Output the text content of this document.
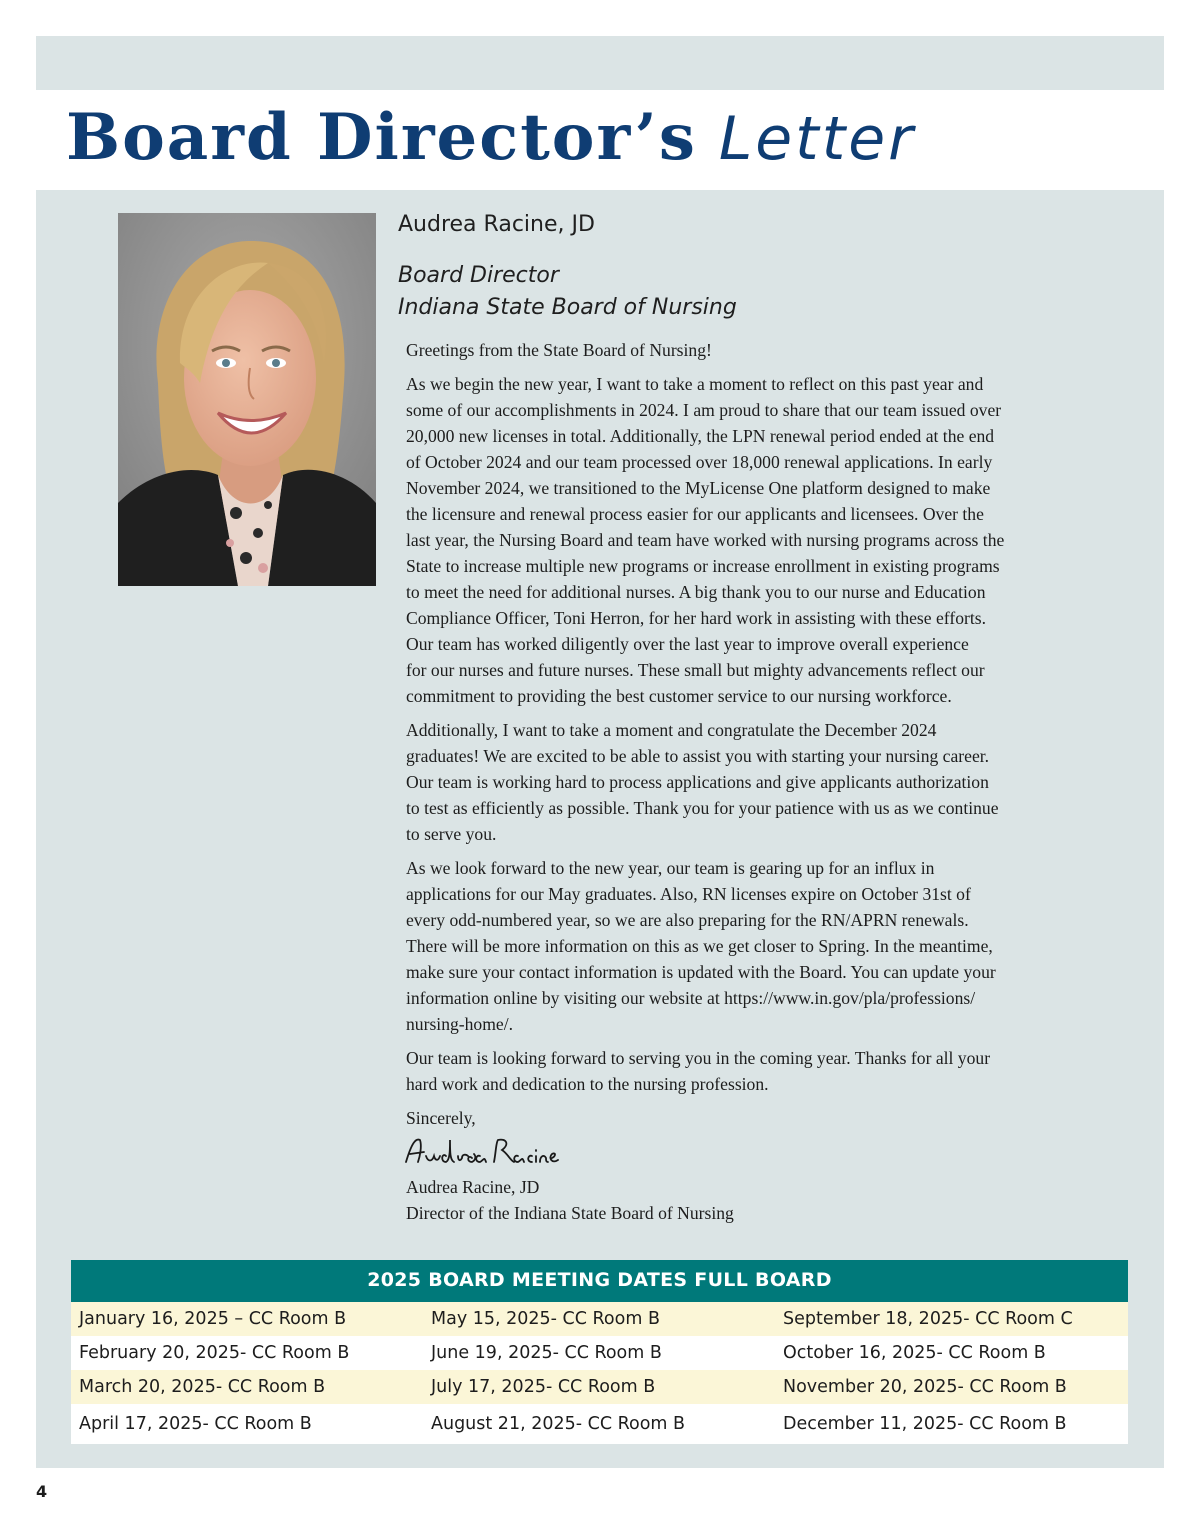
Board Director’s Letter
Audrea Racine, JD
Board Director
Indiana State Board of Nursing

Greetings from the State Board of Nursing!

As we begin the new year, I want to take a moment to reflect on this past year and
some of our accomplishments in 2024. I am proud to share that our team issued over
20,000 new licenses in total. Additionally, the LPN renewal period ended at the end
of October 2024 and our team processed over 18,000 renewal applications. In early
November 2024, we transitioned to the MyLicense One platform designed to make
the licensure and renewal process easier for our applicants and licensees. Over the
last year, the Nursing Board and team have worked with nursing programs across the
State to increase multiple new programs or increase enrollment in existing programs
to meet the need for additional nurses. A big thank you to our nurse and Education
Compliance Officer, Toni Herron, for her hard work in assisting with these efforts.
Our team has worked diligently over the last year to improve overall experience
for our nurses and future nurses. These small but mighty advancements reflect our
commitment to providing the best customer service to our nursing workforce.

Additionally, I want to take a moment and congratulate the December 2024
graduates! We are excited to be able to assist you with starting your nursing career.
Our team is working hard to process applications and give applicants authorization
to test as efficiently as possible. Thank you for your patience with us as we continue
to serve you.

As we look forward to the new year, our team is gearing up for an influx in
applications for our May graduates. Also, RN licenses expire on October 31st of
every odd-numbered year, so we are also preparing for the RN/APRN renewals.
There will be more information on this as we get closer to Spring. In the meantime,
make sure your contact information is updated with the Board. You can update your
information online by visiting our website at https://www.in.gov/pla/professions/
nursing-home/.

Our team is looking forward to serving you in the coming year. Thanks for all your
hard work and dedication to the nursing profession.

Sincerely,

Audrea Racine, JD
Director of the Indiana State Board of Nursing
2025 BOARD MEETING DATES FULL BOARD
January 16, 2025 – CC Room B	May 15, 2025- CC Room B	September 18, 2025- CC Room C
February 20, 2025- CC Room B	June 19, 2025- CC Room B	October 16, 2025- CC Room B
March 20, 2025- CC Room B	July 17, 2025- CC Room B	November 20, 2025- CC Room B
April 17, 2025- CC Room B	August 21, 2025- CC Room B	December 11, 2025- CC Room B
4
